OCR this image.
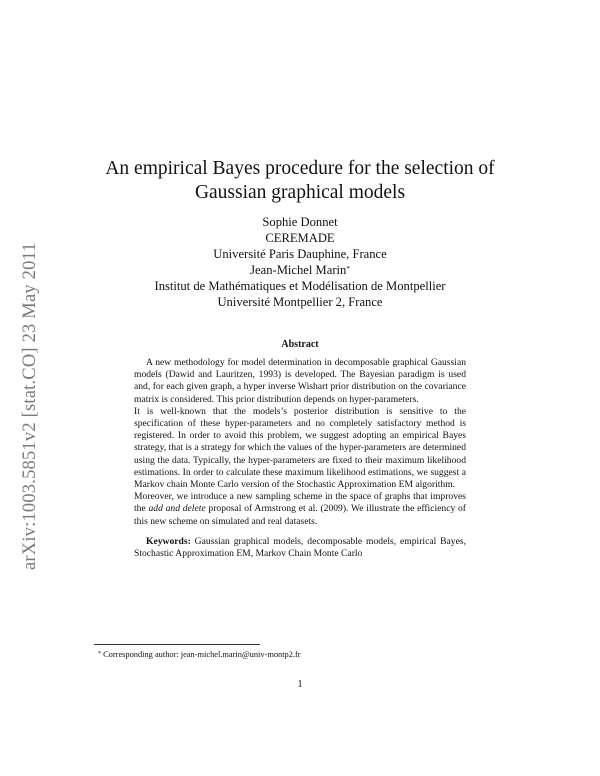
arXiv:1003.5851v2 [stat.CO] 23 May 2011
An empirical Bayes procedure for the selection of Gaussian graphical models
Sophie Donnet
CEREMADE
Université Paris Dauphine, France
Jean-Michel Marin*
Institut de Mathématiques et Modélisation de Montpellier
Université Montpellier 2, France
Abstract

A new methodology for model determination in decomposable graphical Gaussian models (Dawid and Lauritzen, 1993) is developed. The Bayesian paradigm is used and, for each given graph, a hyper inverse Wishart prior distribution on the covariance matrix is considered. This prior distribution depends on hyper-parameters.

It is well-known that the models’s posterior distribution is sensitive to the specification of these hyper-parameters and no completely satisfactory method is registered. In order to avoid this problem, we suggest adopting an empirical Bayes strategy, that is a strategy for which the values of the hyper-parameters are determined using the data. Typically, the hyper-parameters are fixed to their maximum likelihood estimations. In order to calculate these maximum likelihood estimations, we suggest a Markov chain Monte Carlo version of the Stochastic Approximation EM algorithm.

Moreover, we introduce a new sampling scheme in the space of graphs that improves the add and delete proposal of Armstrong et al. (2009). We illustrate the efficiency of this new scheme on simulated and real datasets.

Keywords: Gaussian graphical models, decomposable models, empirical Bayes, Stochastic Approximation EM, Markov Chain Monte Carlo
* Corresponding author: jean-michel.marin@univ-montp2.fr
1
